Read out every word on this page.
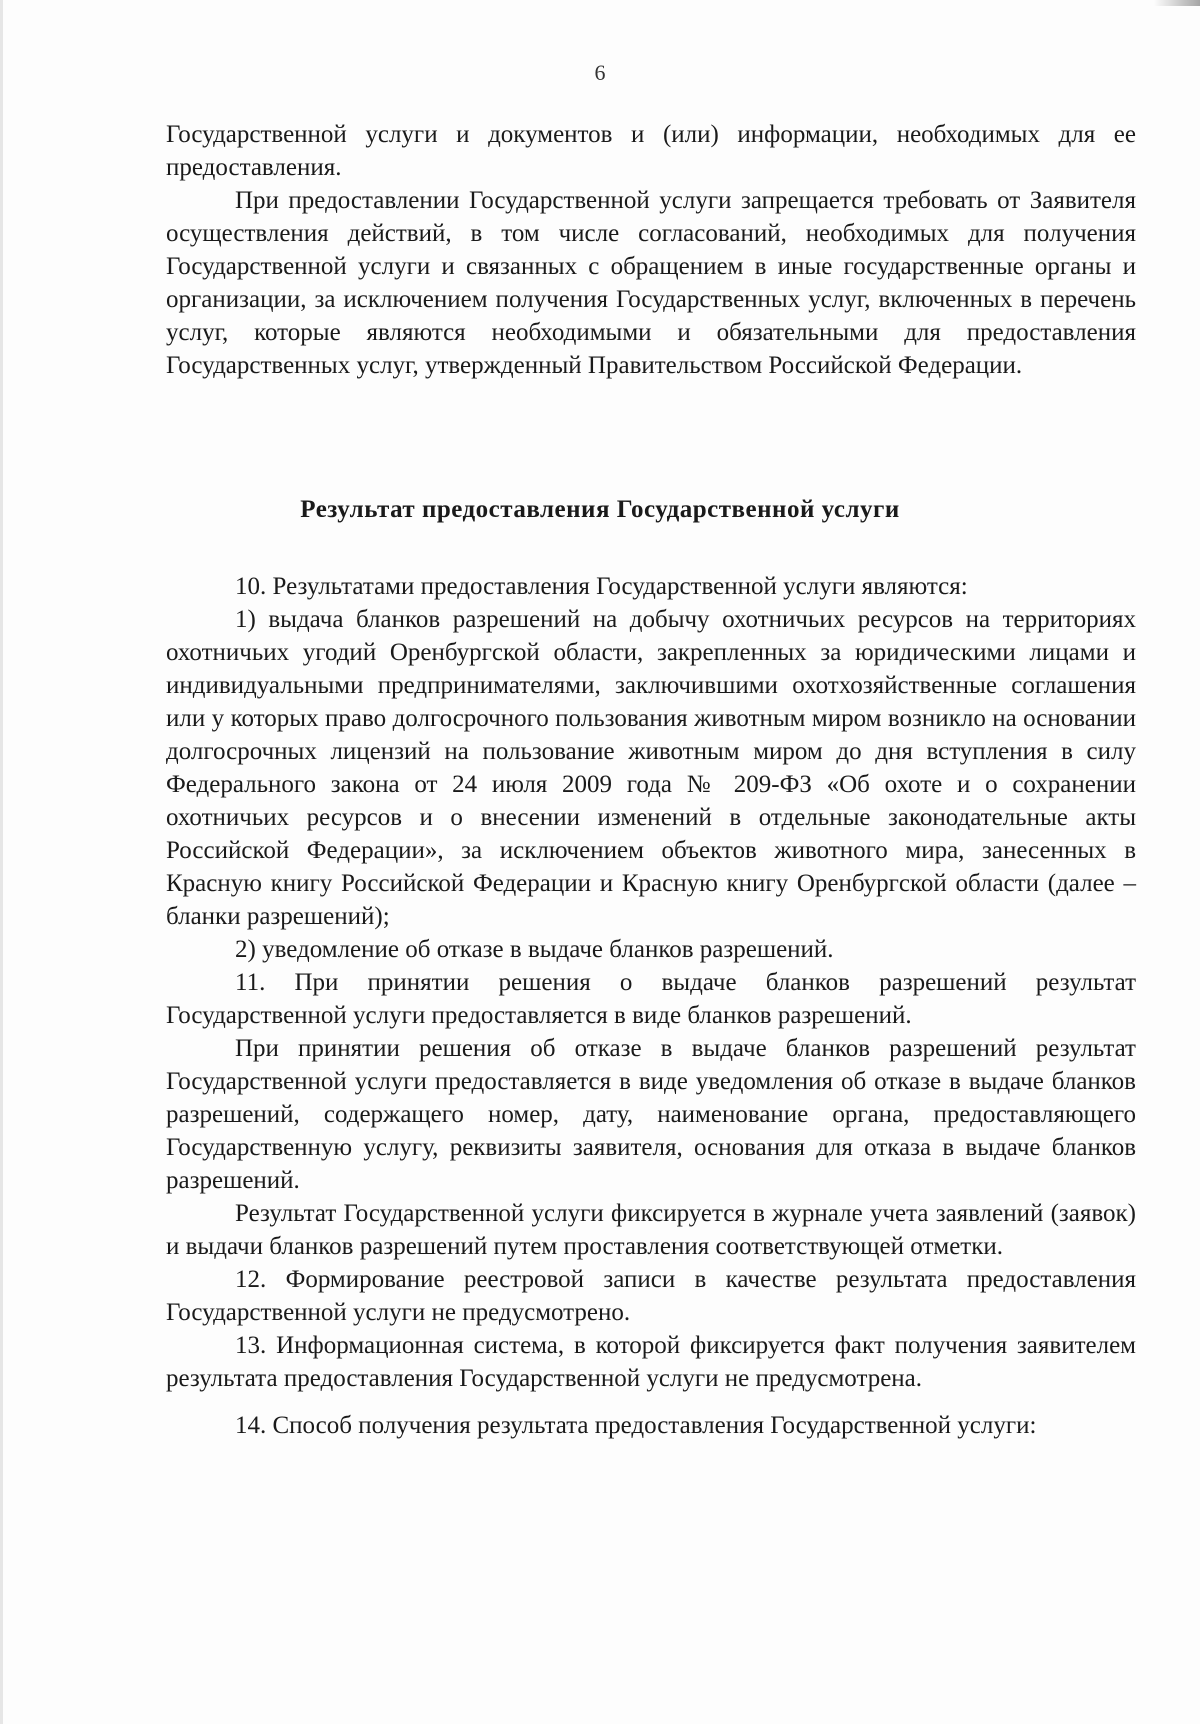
6

Государственной услуги и документов и (или) информации, необходимых для ее предоставления.

При предоставлении Государственной услуги запрещается требовать от Заявителя осуществления действий, в том числе согласований, необходимых для получения Государственной услуги и связанных с обращением в иные государственные органы и организации, за исключением получения Государственных услуг, включенных в перечень услуг, которые являются необходимыми и обязательными для предоставления Государственных услуг, утвержденный Правительством Российской Федерации.

Результат предоставления Государственной услуги

10. Результатами предоставления Государственной услуги являются:

1) выдача бланков разрешений на добычу охотничьих ресурсов на территориях охотничьих угодий Оренбургской области, закрепленных за юридическими лицами и индивидуальными предпринимателями, заключившими охотхозяйственные соглашения или у которых право долгосрочного пользования животным миром возникло на основании долгосрочных лицензий на пользование животным миром до дня вступления в силу Федерального закона от 24 июля 2009 года № 209-ФЗ «Об охоте и о сохранении охотничьих ресурсов и о внесении изменений в отдельные законодательные акты Российской Федерации», за исключением объектов животного мира, занесенных в Красную книгу Российской Федерации и Красную книгу Оренбургской области (далее – бланки разрешений);

2) уведомление об отказе в выдаче бланков разрешений.

11. При принятии решения о выдаче бланков разрешений результат Государственной услуги предоставляется в виде бланков разрешений.

При принятии решения об отказе в выдаче бланков разрешений результат Государственной услуги предоставляется в виде уведомления об отказе в выдаче бланков разрешений, содержащего номер, дату, наименование органа, предоставляющего Государственную услугу, реквизиты заявителя, основания для отказа в выдаче бланков разрешений.

Результат Государственной услуги фиксируется в журнале учета заявлений (заявок) и выдачи бланков разрешений путем проставления соответствующей отметки.

12. Формирование реестровой записи в качестве результата предоставления Государственной услуги не предусмотрено.

13. Информационная система, в которой фиксируется факт получения заявителем результата предоставления Государственной услуги не предусмотрена.

14. Способ получения результата предоставления Государственной услуги:
